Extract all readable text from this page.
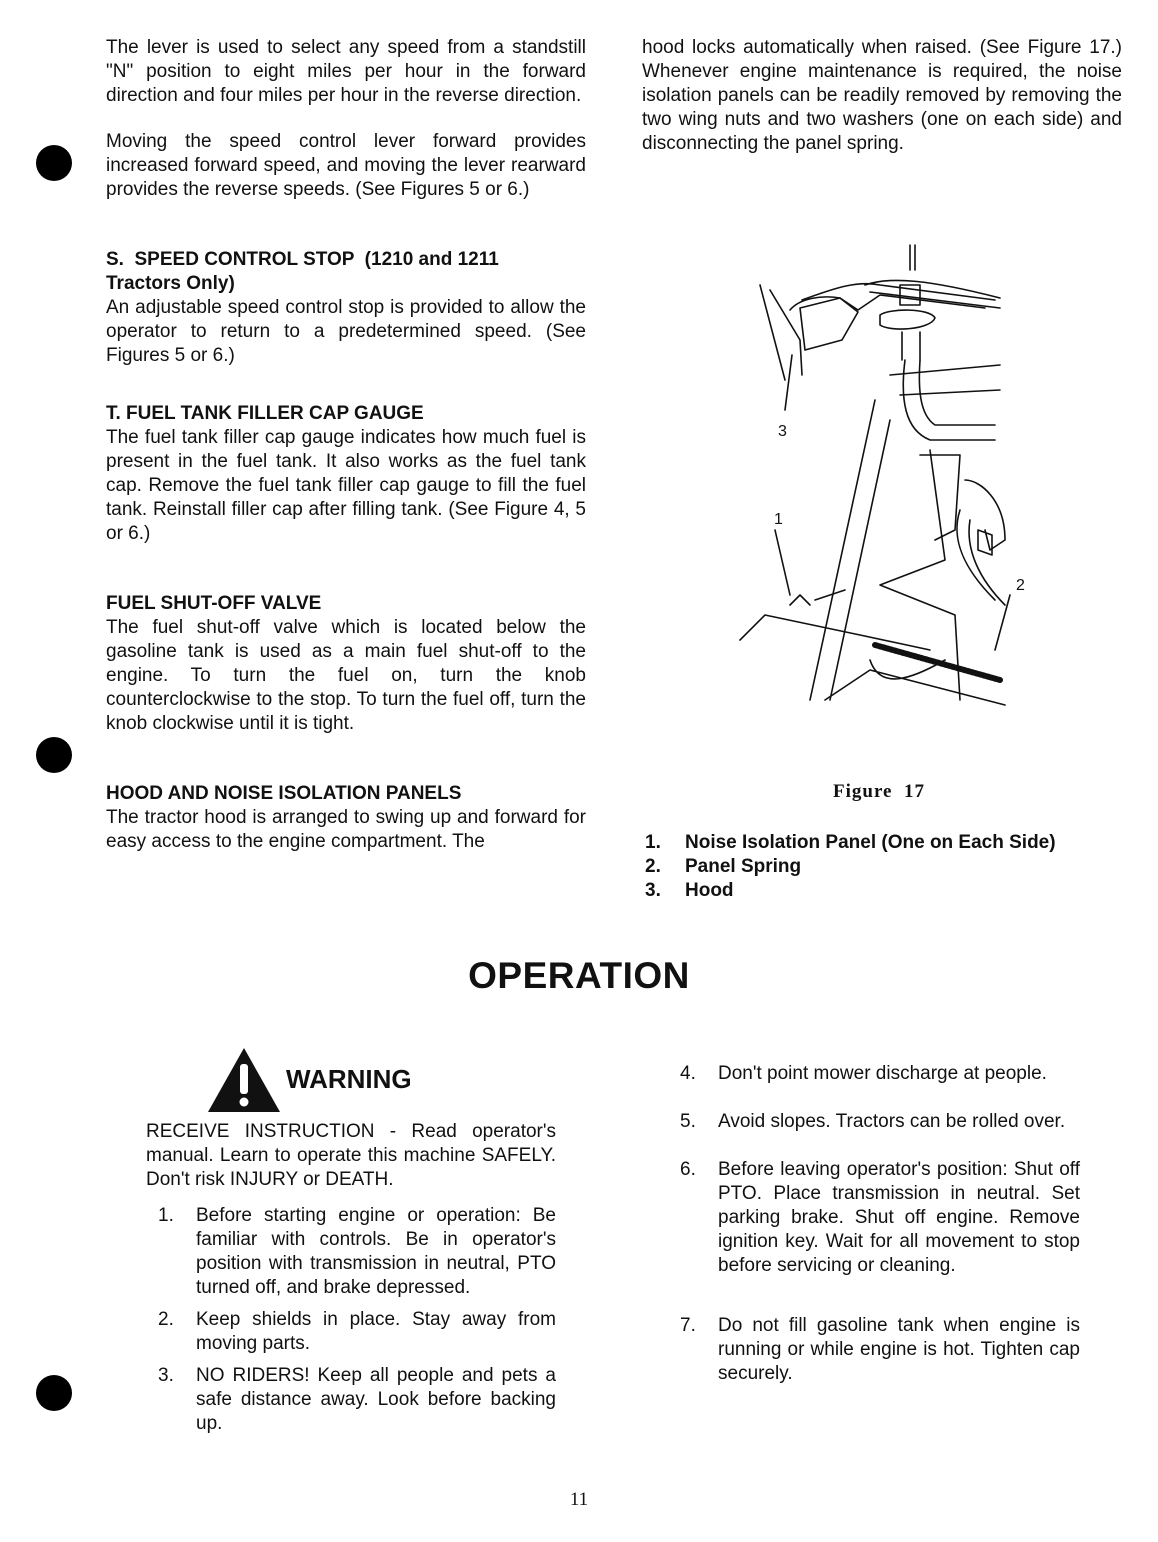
The lever is used to select any speed from a standstill "N" position to eight miles per hour in the forward direction and four miles per hour in the reverse direction.

Moving the speed control lever forward provides increased forward speed, and moving the lever rearward provides the reverse speeds. (See Figures 5 or 6.)

S.  SPEED CONTROL STOP  (1210 and 1211

Tractors Only)

An adjustable speed control stop is provided to allow the operator to return to a predetermined speed. (See Figures 5 or 6.)

T. FUEL TANK FILLER CAP GAUGE

The fuel tank filler cap gauge indicates how much fuel is present in the fuel tank. It also works as the fuel tank cap. Remove the fuel tank filler cap gauge to fill the fuel tank. Reinstall filler cap after filling tank. (See Figure 4, 5 or 6.)

FUEL SHUT-OFF VALVE

The fuel shut-off valve which is located below the gasoline tank is used as a main fuel shut-off to the engine. To turn the fuel on, turn the knob counterclockwise to the stop. To turn the fuel off, turn the knob clockwise until it is tight.

HOOD AND NOISE ISOLATION PANELS

The tractor hood is arranged to swing up and forward for easy access to the engine compartment. The

hood locks automatically when raised. (See Figure 17.) Whenever engine maintenance is required, the noise isolation panels can be readily removed by removing the two wing nuts and two washers (one on each side) and disconnecting the panel spring.

3
1
2
Figure  17
1.	Noise Isolation Panel (One on Each Side)
2.	Panel Spring
3.	Hood
OPERATION
WARNING

RECEIVE INSTRUCTION - Read operator's manual. Learn to operate this machine SAFELY. Don't risk INJURY or DEATH.

1.	Before starting engine or operation: Be familiar with controls. Be in operator's position with transmission in neutral, PTO turned off, and brake depressed.
2.	Keep shields in place. Stay away from moving parts.
3.	NO RIDERS! Keep all people and pets a safe distance away. Look before backing up.
4.	Don't point mower discharge at people.
5.	Avoid slopes. Tractors can be rolled over.
6.	Before leaving operator's position: Shut off PTO. Place transmission in neutral. Set parking brake. Shut off engine. Remove ignition key. Wait for all movement to stop before servicing or cleaning.
7.	Do not fill gasoline tank when engine is running or while engine is hot. Tighten cap securely.
11
